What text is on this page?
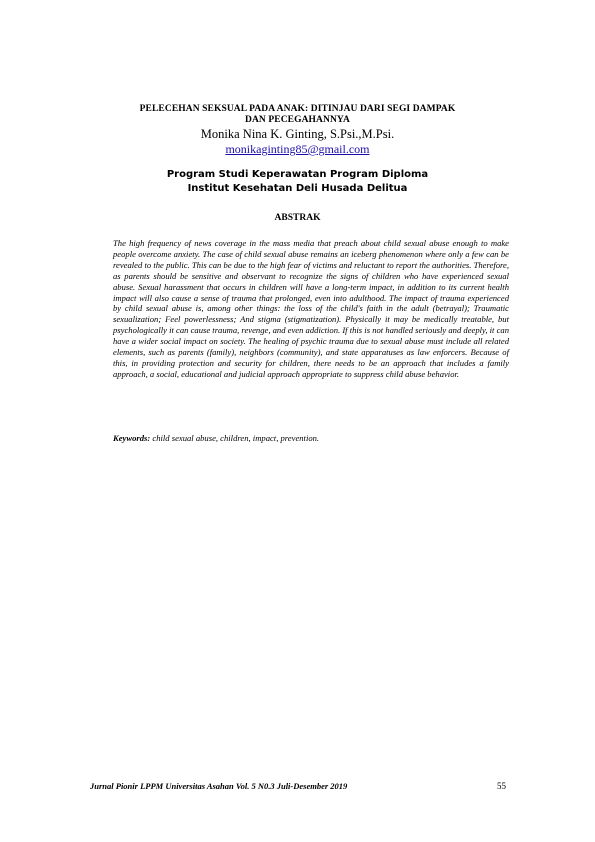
PELECEHAN SEKSUAL PADA ANAK: DITINJAU DARI SEGI DAMPAK
DAN PECEGAHANNYA
Monika Nina K. Ginting, S.Psi.,M.Psi.
monikaginting85@gmail.com
Program Studi Keperawatan Program Diploma
Institut Kesehatan Deli Husada Delitua
ABSTRAK

The high frequency of news coverage in the mass media that preach about child sexual abuse enough to make people overcome anxiety. The case of child sexual abuse remains an iceberg phenomenon where only a few can be revealed to the public. This can be due to the high fear of victims and reluctant to report the authorities. Therefore, as parents should be sensitive and observant to recognize the signs of children who have experienced sexual abuse. Sexual harassment that occurs in children will have a long-term impact, in addition to its current health impact will also cause a sense of trauma that prolonged, even into adulthood. The impact of trauma experienced by child sexual abuse is, among other things: the loss of the child's faith in the adult (betrayal); Traumatic sexualization; Feel powerlessness; And stigma (stigmatization). Physically it may be medically treatable, but psychologically it can cause trauma, revenge, and even addiction. If this is not handled seriously and deeply, it can have a wider social impact on society. The healing of psychic trauma due to sexual abuse must include all related elements, such as parents (family), neighbors (community), and state apparatuses as law enforcers. Because of this, in providing protection and security for children, there needs to be an approach that includes a family approach, a social, educational and judicial approach appropriate to suppress child abuse behavior.

Keywords: child sexual abuse, children, impact, prevention.

Jurnal Pionir LPPM Universitas Asahan Vol. 5 N0.3 Juli-Desember 2019	55
